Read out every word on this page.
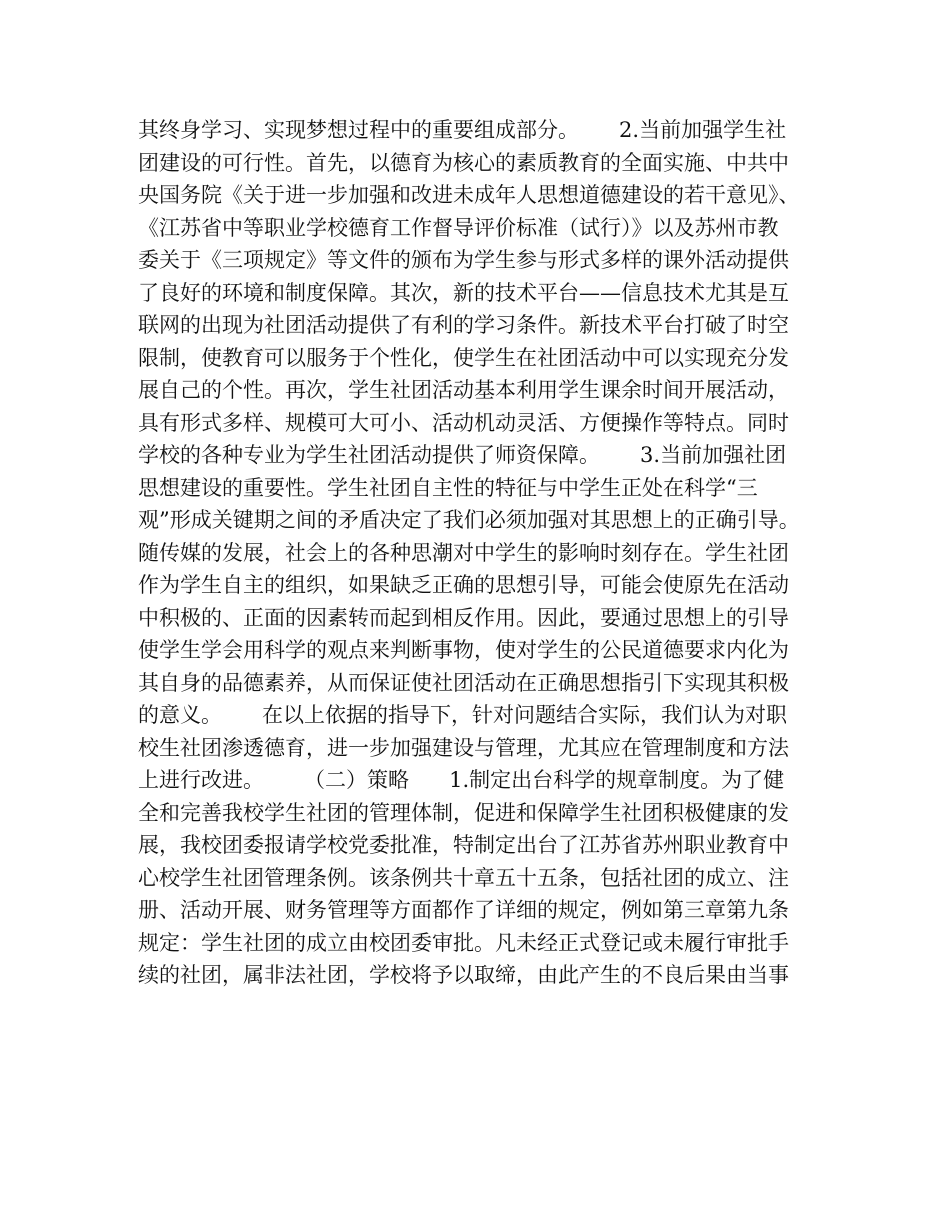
其终身学习、实现梦想过程中的重要组成部分。      2.当前加强学生社
团建设的可行性。首先，以德育为核心的素质教育的全面实施、中共中
央国务院《关于进一步加强和改进未成年人思想道德建设的若干意见》、
《江苏省中等职业学校德育工作督导评价标准（试行）》以及苏州市教
委关于《三项规定》等文件的颁布为学生参与形式多样的课外活动提供
了良好的环境和制度保障。其次，新的技术平台——信息技术尤其是互
联网的出现为社团活动提供了有利的学习条件。新技术平台打破了时空
限制，使教育可以服务于个性化，使学生在社团活动中可以实现充分发
展自己的个性。再次，学生社团活动基本利用学生课余时间开展活动，
具有形式多样、规模可大可小、活动机动灵活、方便操作等特点。同时
学校的各种专业为学生社团活动提供了师资保障。      3.当前加强社团
思想建设的重要性。学生社团自主性的特征与中学生正处在科学“三
观”形成关键期之间的矛盾决定了我们必须加强对其思想上的正确引导。
随传媒的发展，社会上的各种思潮对中学生的影响时刻存在。学生社团
作为学生自主的组织，如果缺乏正确的思想引导，可能会使原先在活动
中积极的、正面的因素转而起到相反作用。因此，要通过思想上的引导
使学生学会用科学的观点来判断事物，使对学生的公民道德要求内化为
其自身的品德素养，从而保证使社团活动在正确思想指引下实现其积极
的意义。      在以上依据的指导下，针对问题结合实际，我们认为对职
校生社团渗透德育，进一步加强建设与管理，尤其应在管理制度和方法
上进行改进。      （二）策略      1.制定出台科学的规章制度。为了健
全和完善我校学生社团的管理体制，促进和保障学生社团积极健康的发
展，我校团委报请学校党委批准，特制定出台了江苏省苏州职业教育中
心校学生社团管理条例。该条例共十章五十五条，包括社团的成立、注
册、活动开展、财务管理等方面都作了详细的规定，例如第三章第九条
规定：学生社团的成立由校团委审批。凡未经正式登记或未履行审批手
续的社团，属非法社团，学校将予以取缔，由此产生的不良后果由当事
